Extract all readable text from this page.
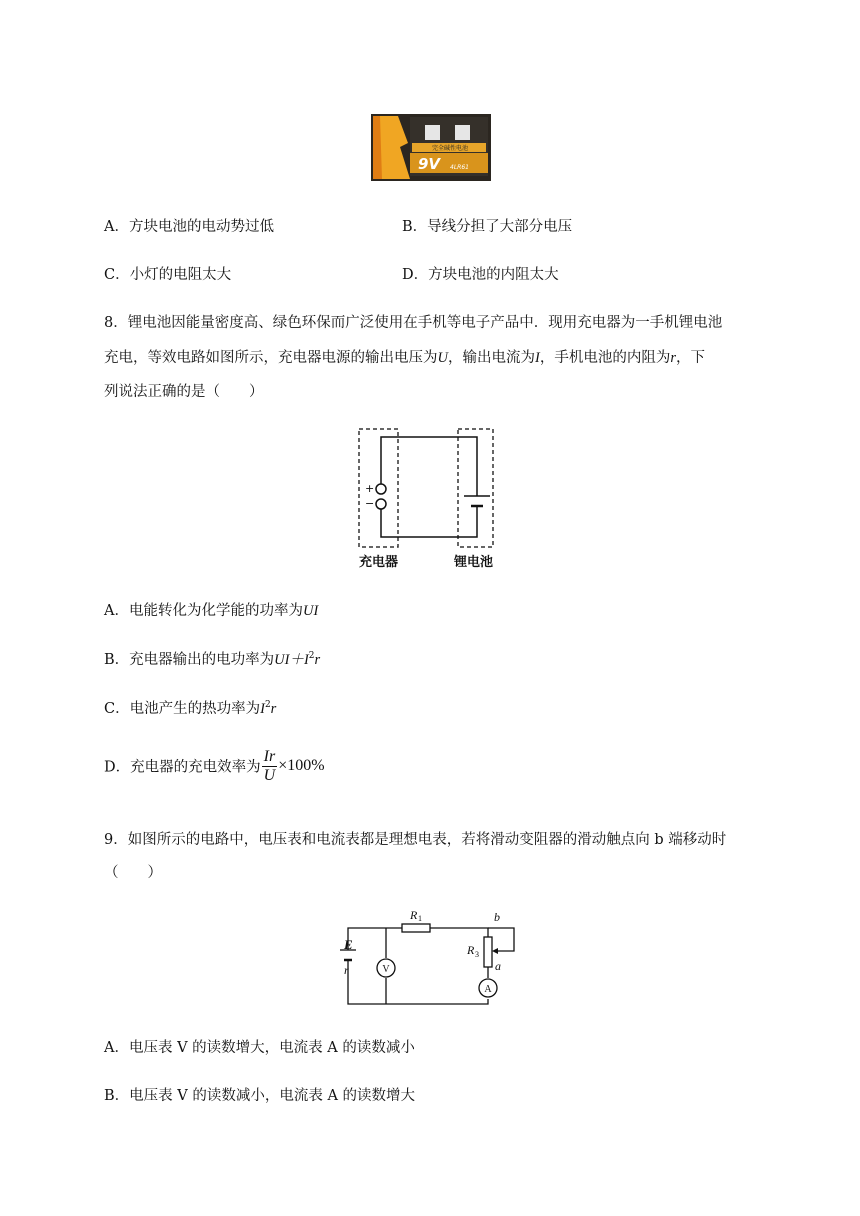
完全碱性电池
9V 4LR61
A．方块电池的电动势过低	B．导线分担了大部分电压
C．小灯的电阻太大	D．方块电池的内阻太大
8．锂电池因能量密度高、绿色环保而广泛使用在手机等电子产品中．现用充电器为一手机锂电池
充电，等效电路如图所示，充电器电源的输出电压为U，输出电流为I，手机电池的内阻为r，下
列说法正确的是（　　）
+
−
充电器	锂电池
A．电能转化为化学能的功率为UI
B．充电器输出的电功率为$UI+I^2r$
C．电池产生的热功率为$I^2r$
D．充电器的充电效率为 $\frac{Ir}{U} \times 100\%$
9．如图所示的电路中，电压表和电流表都是理想电表，若将滑动变阻器的滑动触点向 b 端移动时
（　　）
E
r
R 1
R 3
b
a
V
A
A．电压表 V 的读数增大，电流表 A 的读数减小
B．电压表 V 的读数减小，电流表 A 的读数增大
